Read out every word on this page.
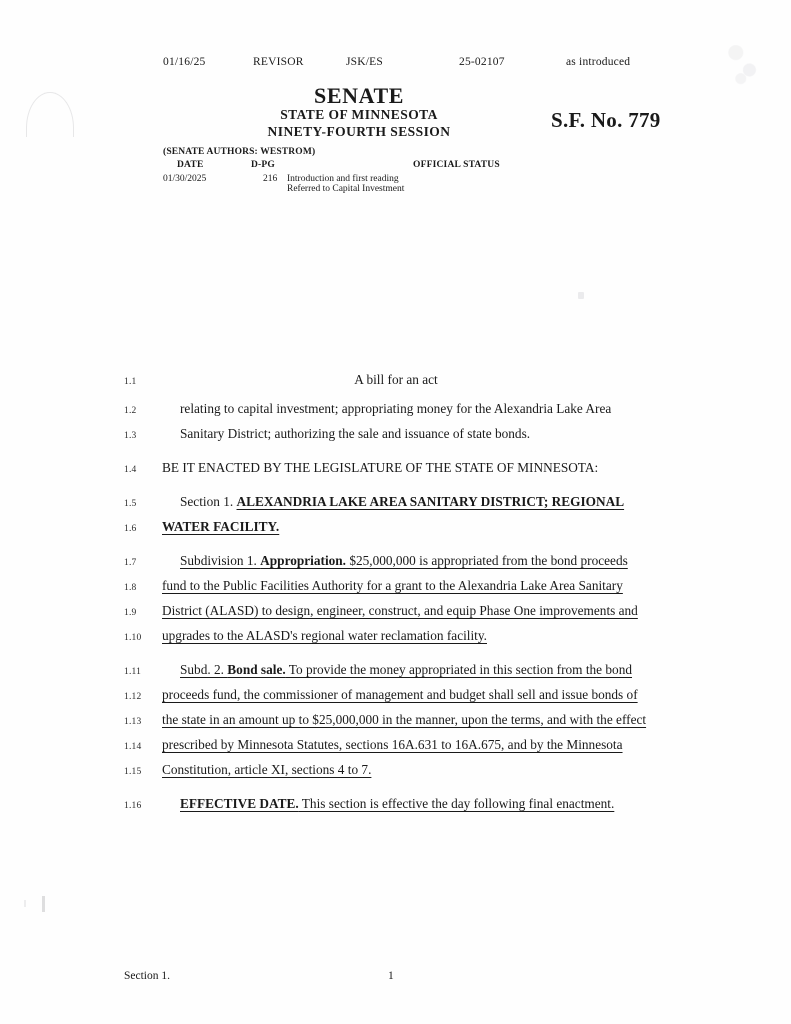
01/16/25	REVISOR	JSK/ES	25-02107	as introduced
SENATE
STATE OF MINNESOTA
NINETY-FOURTH SESSION	S.F. No. 779
(SENATE AUTHORS: WESTROM)
DATE	D-PG	OFFICIAL STATUS
01/30/2025	216 Introduction and first reading
Referred to Capital Investment
1.1	A bill for an act
1.2	relating to capital investment; appropriating money for the Alexandria Lake Area
1.3	Sanitary District; authorizing the sale and issuance of state bonds.
1.4	BE IT ENACTED BY THE LEGISLATURE OF THE STATE OF MINNESOTA:
1.5	Section 1. ALEXANDRIA LAKE AREA SANITARY DISTRICT; REGIONAL
1.6	WATER FACILITY.
1.7	Subdivision 1. Appropriation. $25,000,000 is appropriated from the bond proceeds
1.8	fund to the Public Facilities Authority for a grant to the Alexandria Lake Area Sanitary
1.9	District (ALASD) to design, engineer, construct, and equip Phase One improvements and
1.10	upgrades to the ALASD's regional water reclamation facility.
1.11	Subd. 2. Bond sale. To provide the money appropriated in this section from the bond
1.12	proceeds fund, the commissioner of management and budget shall sell and issue bonds of
1.13	the state in an amount up to $25,000,000 in the manner, upon the terms, and with the effect
1.14	prescribed by Minnesota Statutes, sections 16A.631 to 16A.675, and by the Minnesota
1.15	Constitution, article XI, sections 4 to 7.
1.16	EFFECTIVE DATE. This section is effective the day following final enactment.
Section 1.	1
